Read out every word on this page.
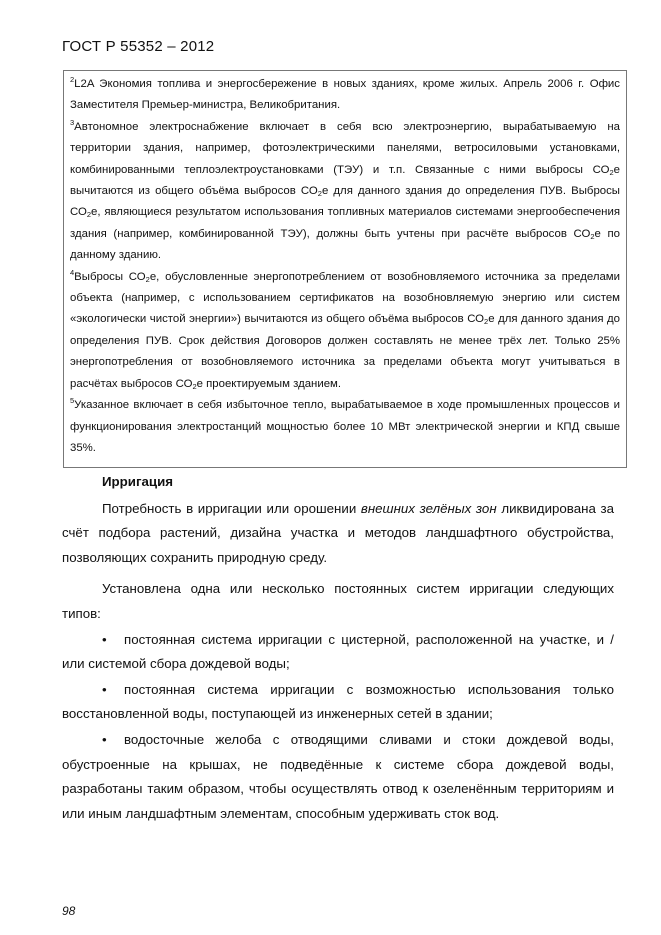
ГОСТ Р 55352 – 2012

$^2$L2A Экономия топлива и энергосбережение в новых зданиях, кроме жилых. Апрель 2006 г. Офис Заместителя Премьер-министра, Великобритания.

$^3$Автономное электроснабжение включает в себя всю электроэнергию, вырабатываемую на территории здания, например, фотоэлектрическими панелями, ветросиловыми установками, комбинированными теплоэлектроустановками (ТЭУ) и т.п. Связанные с ними выбросы $СО_2е$ вычитаются из общего объёма выбросов $СО_2е$ для данного здания до определения ПУВ. Выбросы $СО_2е$, являющиеся результатом использования топливных материалов системами энергообеспечения здания (например, комбинированной ТЭУ), должны быть учтены при расчёте выбросов $СО_2е$ по данному зданию.

$^4$Выбросы $СО_2е$, обусловленные энергопотреблением от возобновляемого источника за пределами объекта (например, с использованием сертификатов на возобновляемую энергию или систем «экологически чистой энергии») вычитаются из общего объёма выбросов $СО_2е$ для данного здания до определения ПУВ. Срок действия Договоров должен составлять не менее трёх лет. Только 25% энергопотребления от возобновляемого источника за пределами объекта могут учитываться в расчётах выбросов $СО_2е$ проектируемым зданием.

$^5$Указанное включает в себя избыточное тепло, вырабатываемое в ходе промышленных процессов и функционирования электростанций мощностью более 10 МВт электрической энергии и КПД свыше 35%.

Ирригация

Потребность в ирригации или орошении внешних зелёных зон ликвидирована за счёт подбора растений, дизайна участка и методов ландшафтного обустройства, позволяющих сохранить природную среду.

Установлена одна или несколько постоянных систем ирригации следующих типов:

• постоянная система ирригации с цистерной, расположенной на участке, и / или системой сбора дождевой воды;

• постоянная система ирригации с возможностью использования только восстановленной воды, поступающей из инженерных сетей в здании;

• водосточные желоба с отводящими сливами и стоки дождевой воды, обустроенные на крышах, не подведённые к системе сбора дождевой воды, разработаны таким образом, чтобы осуществлять отвод к озеленённым территориям и или иным ландшафтным элементам, способным удерживать сток вод.

98
